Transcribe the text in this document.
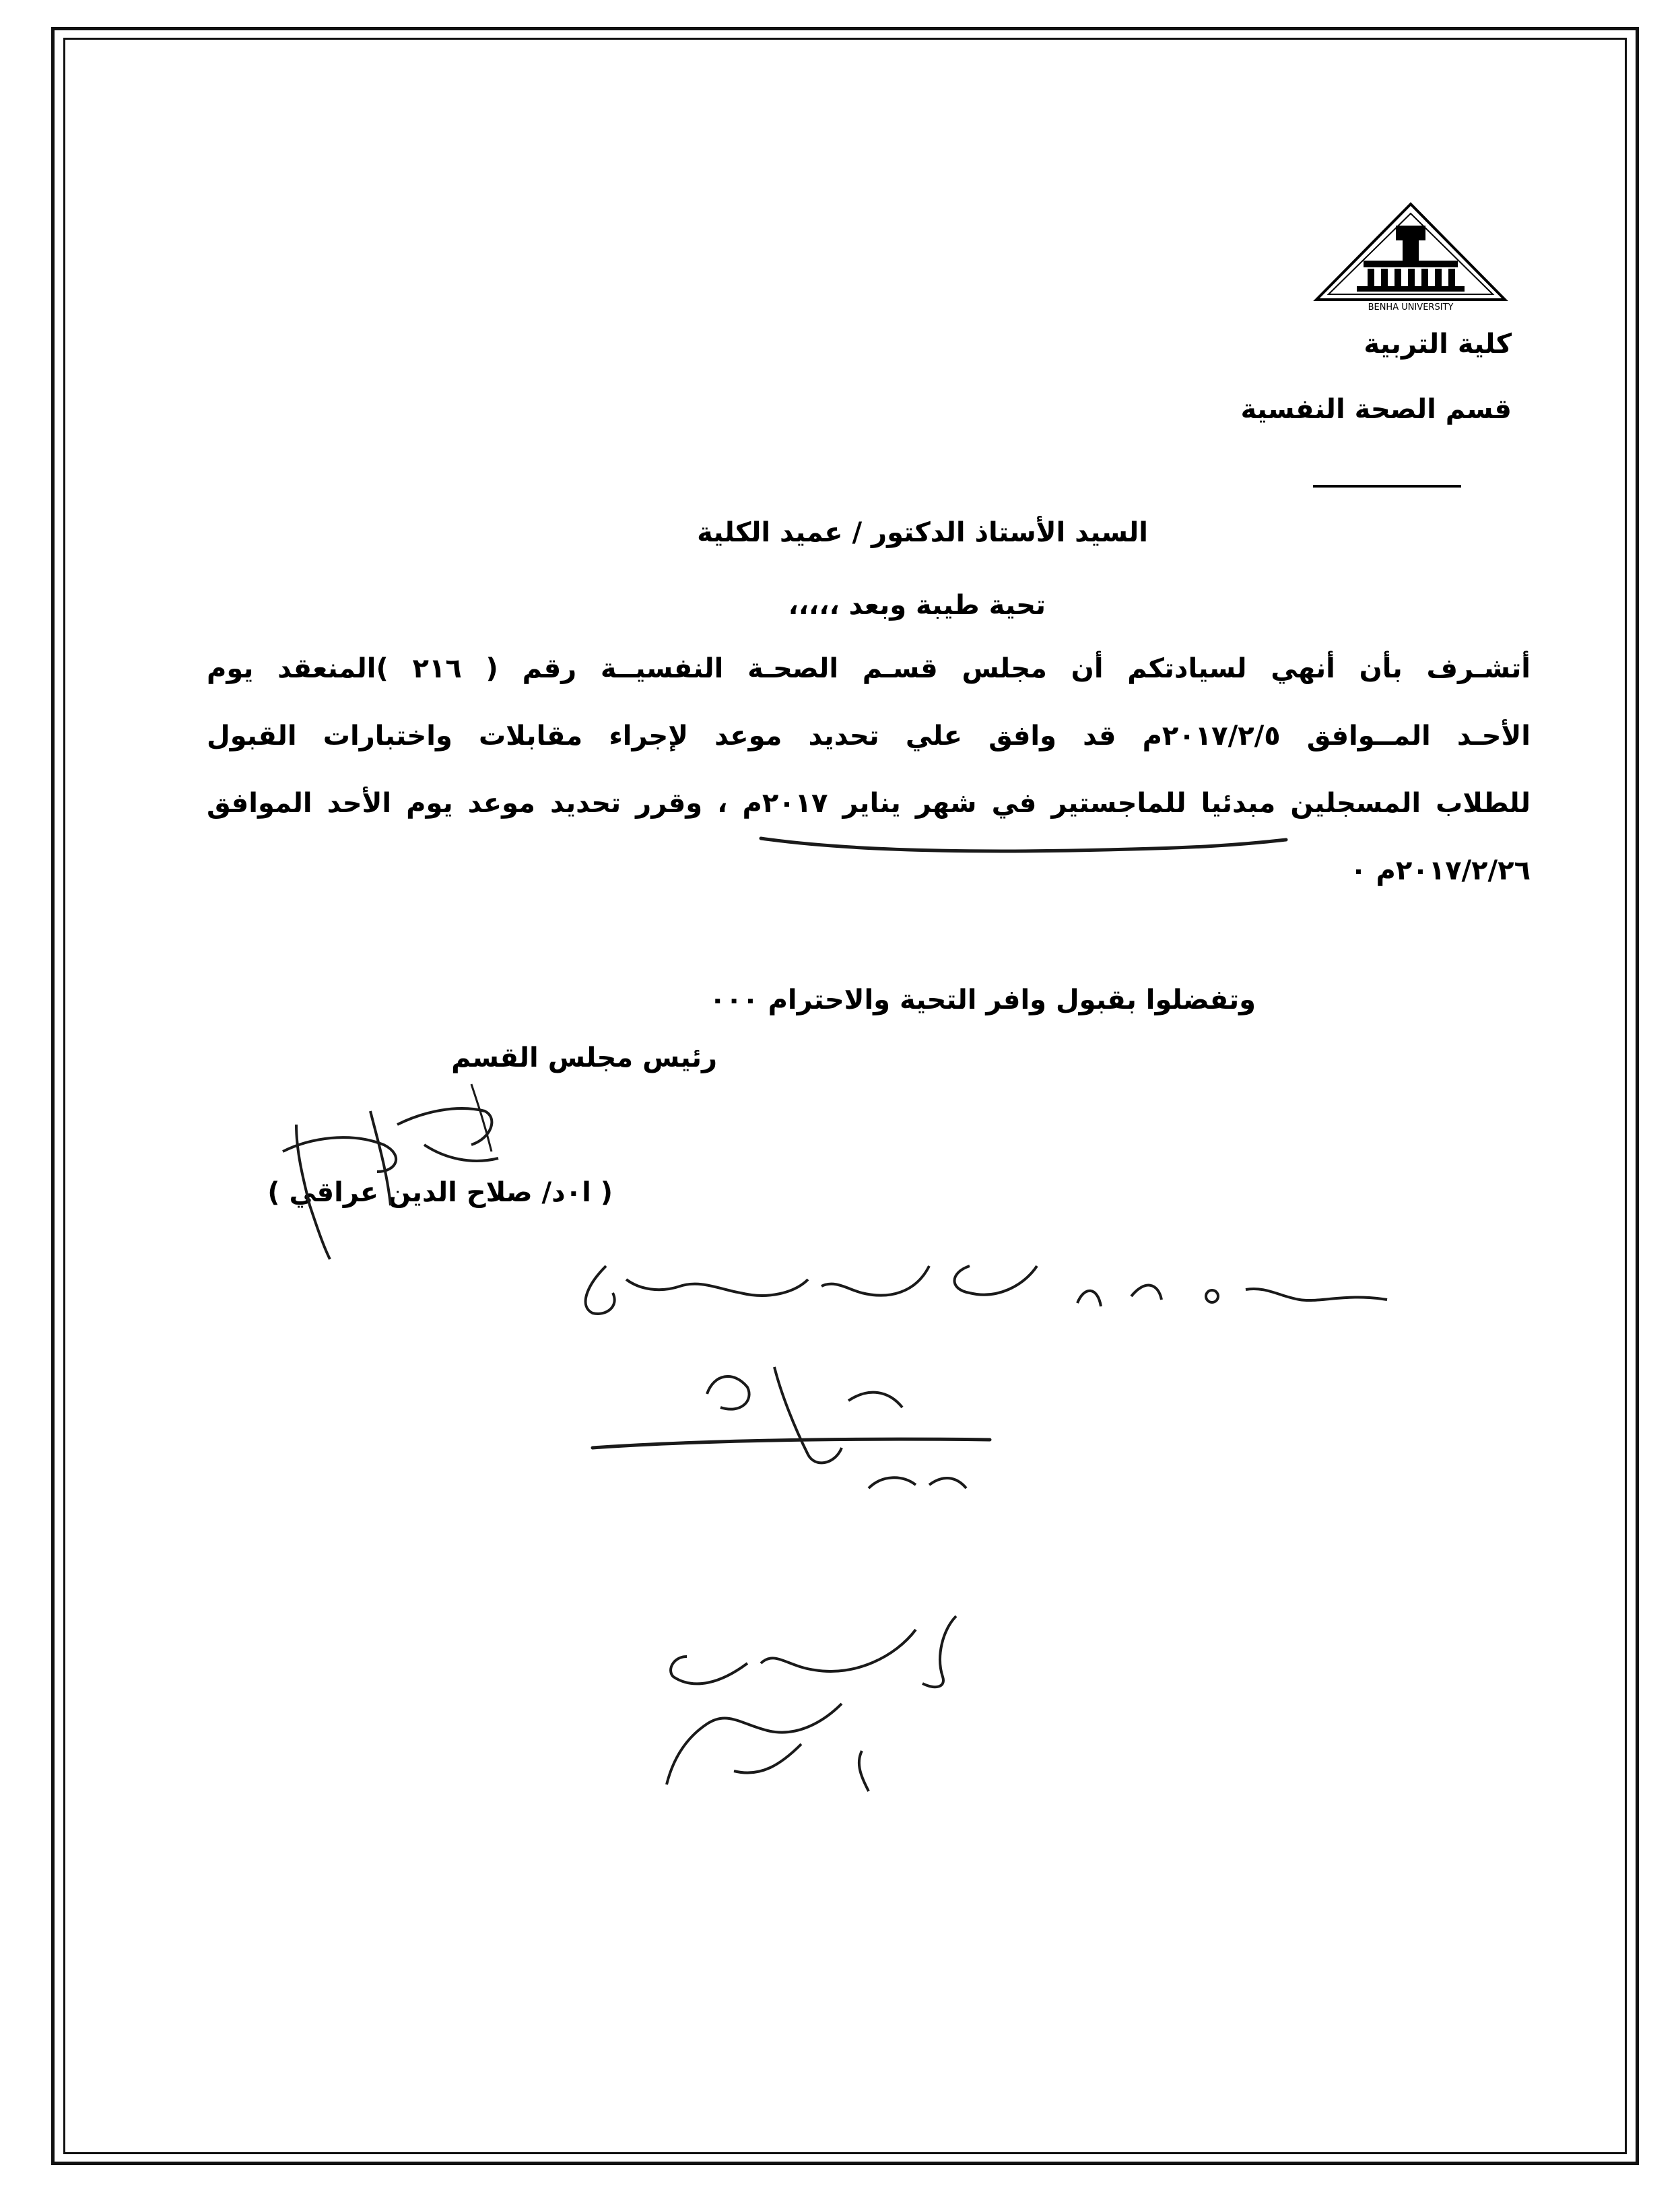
BENHA UNIVERSITY
كلية التربية
قسم الصحة النفسية
السيد الأستاذ الدكتور / عميد الكلية
تحية طيبة وبعد ،،،،،
أتشـرف بأن أنهي لسيادتكم أن مجلس قسـم الصحـة النفسيــة رقم ( ٢١٦ )المنعقد يوم
الأحـد المــوافق ٢٠١٧/٢/٥م قد وافق علي تحديد موعد لإجراء مقابلات واختبارات القبول
للطلاب المسجلين مبدئيا للماجستير في شهر يناير ٢٠١٧م ، وقرر تحديد موعد يوم الأحد الموافق
٢٠١٧/٢/٢٦م ٠
وتفضلوا بقبول وافر التحية والاحترام ٠٠٠
رئيس مجلس القسم
( ا٠د/ صلاح الدين عراقي )
